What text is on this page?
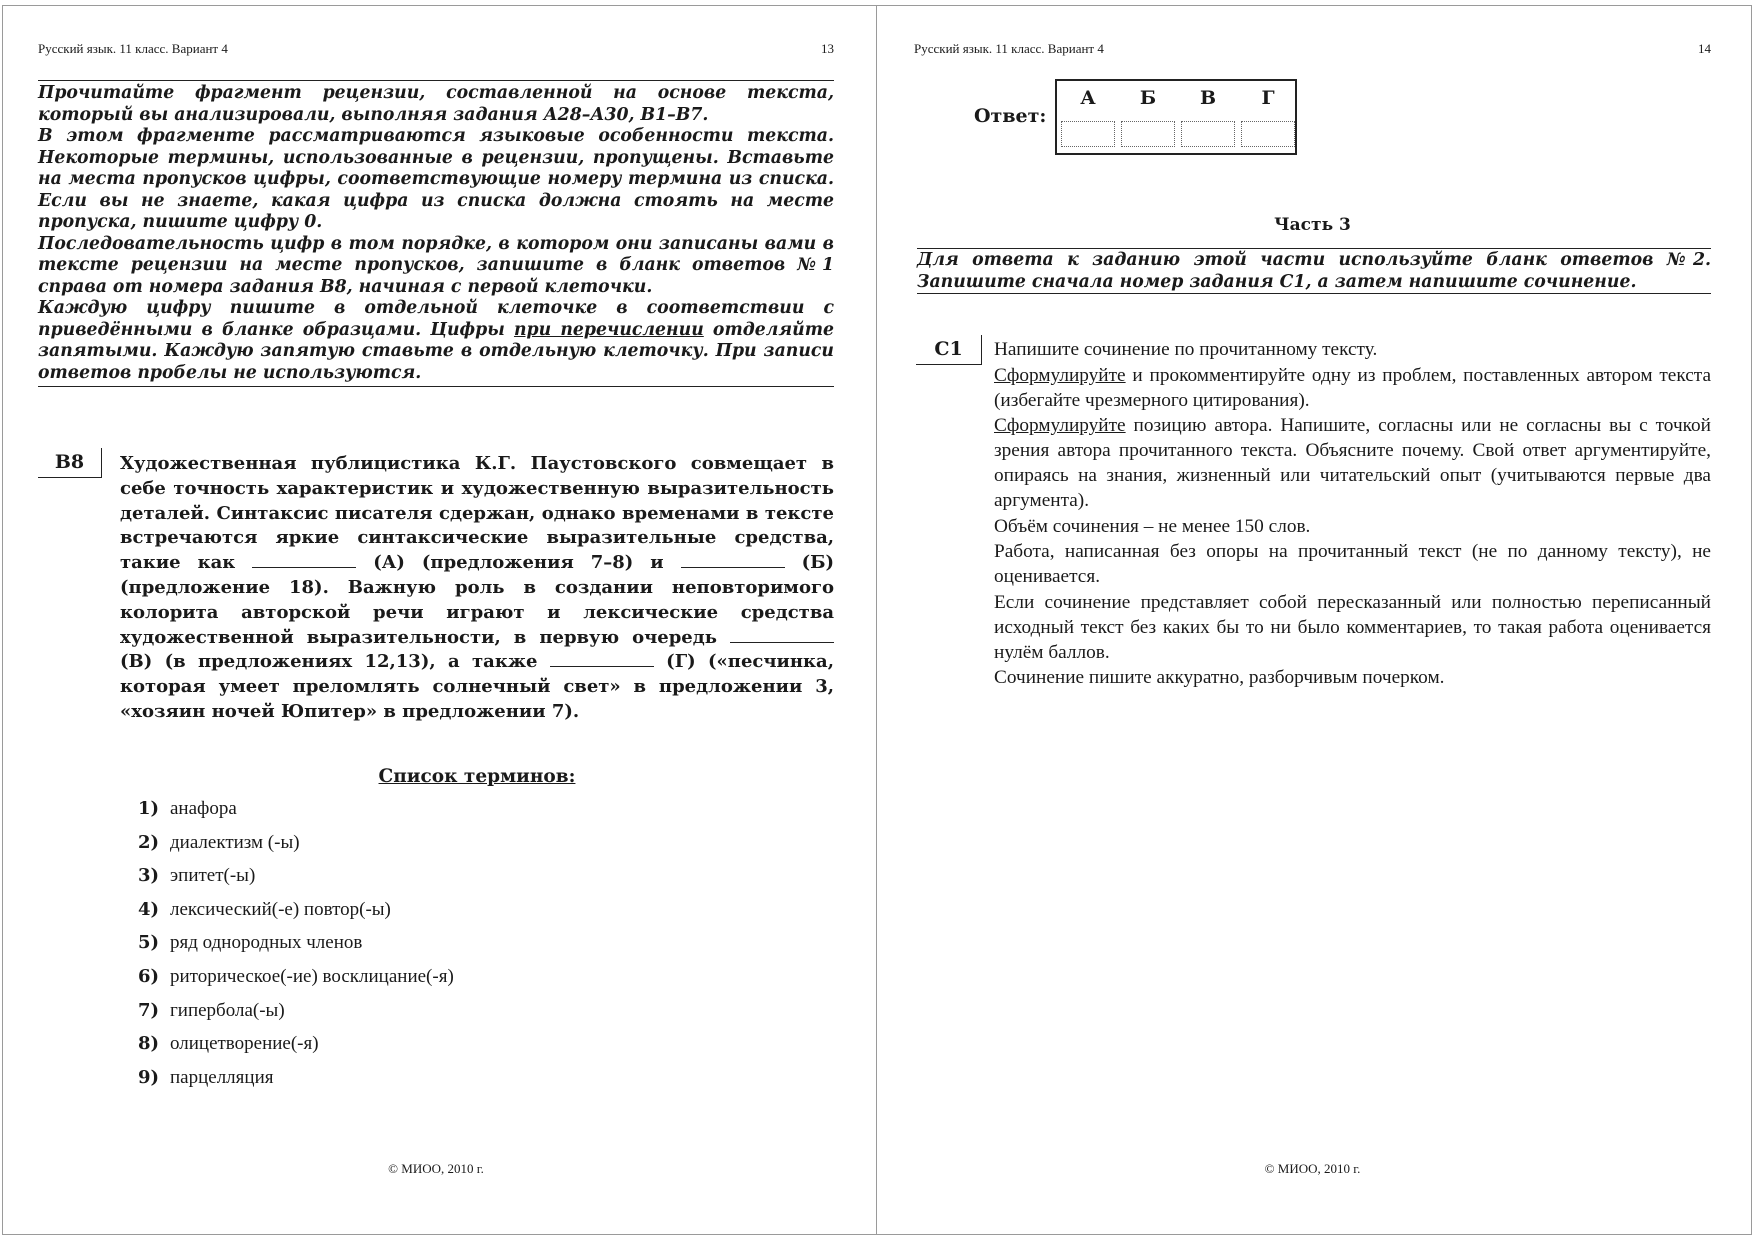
Русский язык. 11 класс. Вариант 4	13

Прочитайте фрагмент рецензии, составленной на основе текста, который вы анализировали, выполняя задания А28–А30, В1–В7.

В этом фрагменте рассматриваются языковые особенности текста. Некоторые термины, использованные в рецензии, пропущены. Вставьте на места пропусков цифры, соответствующие номеру термина из списка. Если вы не знаете, какая цифра из списка должна стоять на месте пропуска, пишите цифру 0.

Последовательность цифр в том порядке, в котором они записаны вами в тексте рецензии на месте пропусков, запишите в бланк ответов №1 справа от номера задания В8, начиная с первой клеточки.

Каждую цифру пишите в отдельной клеточке в соответствии с приведёнными в бланке образцами. Цифры при перечислении отделяйте запятыми. Каждую запятую ставьте в отдельную клеточку. При записи ответов пробелы не используются.

В8	Художественная публицистика К.Г. Паустовского совмещает в себе точность характеристик и художественную выразительность деталей. Синтаксис писателя сдержан, однако временами в тексте встречаются яркие синтаксические выразительные средства, такие как	(А) (предложения 7–8) и	(Б) (предложение 18). Важную роль в создании неповторимого колорита авторской речи играют и лексические средства художественной выразительности, в первую очередь  (В) (в предложениях 12,13), а также	(Г) («песчинка, которая умеет преломлять солнечный свет» в предложении 3, «хозяин ночей Юпитер» в предложении 7).
Список терминов:
1) анафора
2) диалектизм (-ы)
3) эпитет(-ы)
4) лексический(-е) повтор(-ы)
5) ряд однородных членов
6) риторическое(-ие) восклицание(-я)
7) гипербола(-ы)
8) олицетворение(-я)
9) парцелляция
© МИОО, 2010 г.
Русский язык. 11 класс. Вариант 4	14
Ответ:
А	Б	В	Г
Часть 3

Для ответа к заданию этой части используйте бланк ответов №2. Запишите сначала номер задания С1, а затем напишите сочинение.

С1	Напишите сочинение по прочитанному тексту.

Сформулируйте и прокомментируйте одну из проблем, поставленных автором текста (избегайте чрезмерного цитирования).

Сформулируйте позицию автора. Напишите, согласны или не согласны вы с точкой зрения автора прочитанного текста. Объясните почему. Свой ответ аргументируйте, опираясь на знания, жизненный или читательский опыт (учитываются первые два аргумента).

Объём сочинения – не менее 150 слов.

Работа, написанная без опоры на прочитанный текст (не по данному тексту), не оценивается.

Если сочинение представляет собой пересказанный или полностью переписанный исходный текст без каких бы то ни было комментариев, то такая работа оценивается нулём баллов.

Сочинение пишите аккуратно, разборчивым почерком.

© МИОО, 2010 г.
